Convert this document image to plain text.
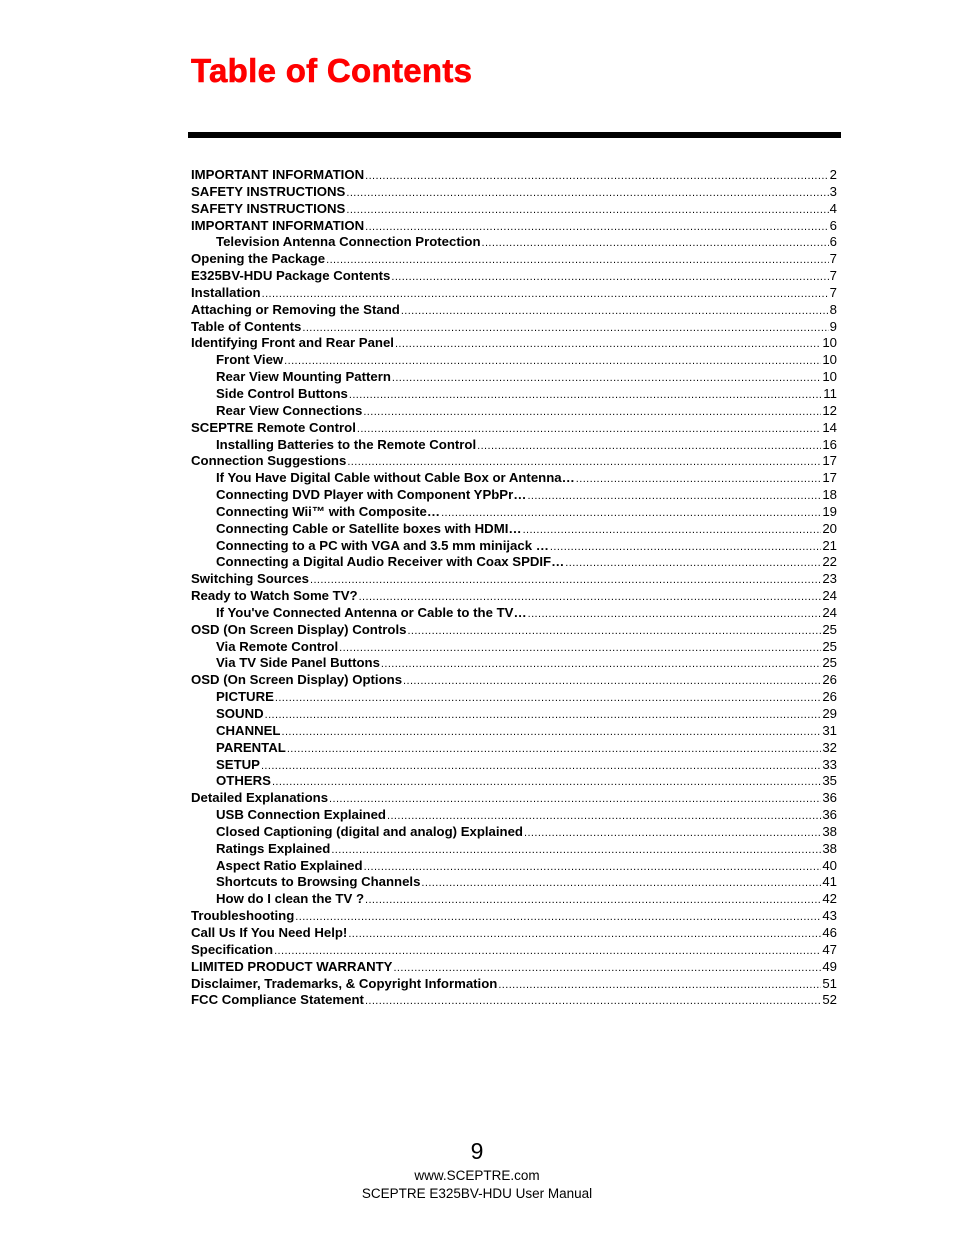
Table of Contents
IMPORTANT INFORMATION .....	2
SAFETY INSTRUCTIONS .....	3
SAFETY INSTRUCTIONS .....	4
IMPORTANT INFORMATION .....	6
Television Antenna Connection Protection .....	6
Opening the Package .....	7
E325BV-HDU Package Contents .....	7
Installation .....	7
Attaching or Removing the Stand .....	8
Table of Contents .....	9
Identifying Front and Rear Panel .....	10
Front View .....	10
Rear View Mounting Pattern .....	10
Side Control Buttons .....	11
Rear View Connections .....	12
SCEPTRE Remote Control .....	14
Installing Batteries to the Remote Control .....	16
Connection Suggestions .....	17
If You Have Digital Cable without Cable Box or Antenna… .....	17
Connecting DVD Player with Component YPbPr… .....	18
Connecting Wii™ with Composite… .....	19
Connecting Cable or Satellite boxes with HDMI… .....	20
Connecting to a PC with VGA and 3.5 mm minijack … .....	21
Connecting a Digital Audio Receiver with Coax SPDIF… .....	22
Switching Sources .....	23
Ready to Watch Some TV? .....	24
If You've Connected Antenna or Cable to the TV… .....	24
OSD (On Screen Display) Controls .....	25
Via Remote Control .....	25
Via TV Side Panel Buttons .....	25
OSD (On Screen Display) Options .....	26
PICTURE .....	26
SOUND .....	29
CHANNEL .....	31
PARENTAL .....	32
SETUP .....	33
OTHERS .....	35
Detailed Explanations .....	36
USB Connection Explained .....	36
Closed Captioning (digital and analog) Explained .....	38
Ratings Explained .....	38
Aspect Ratio Explained .....	40
Shortcuts to Browsing Channels .....	41
How do I clean the TV ? .....	42
Troubleshooting .....	43
Call Us If You Need Help! .....	46
Specification .....	47
LIMITED PRODUCT WARRANTY .....	49
Disclaimer, Trademarks, & Copyright Information .....	51
FCC Compliance Statement .....	52
9
www.SCEPTRE.com
SCEPTRE E325BV-HDU User Manual
